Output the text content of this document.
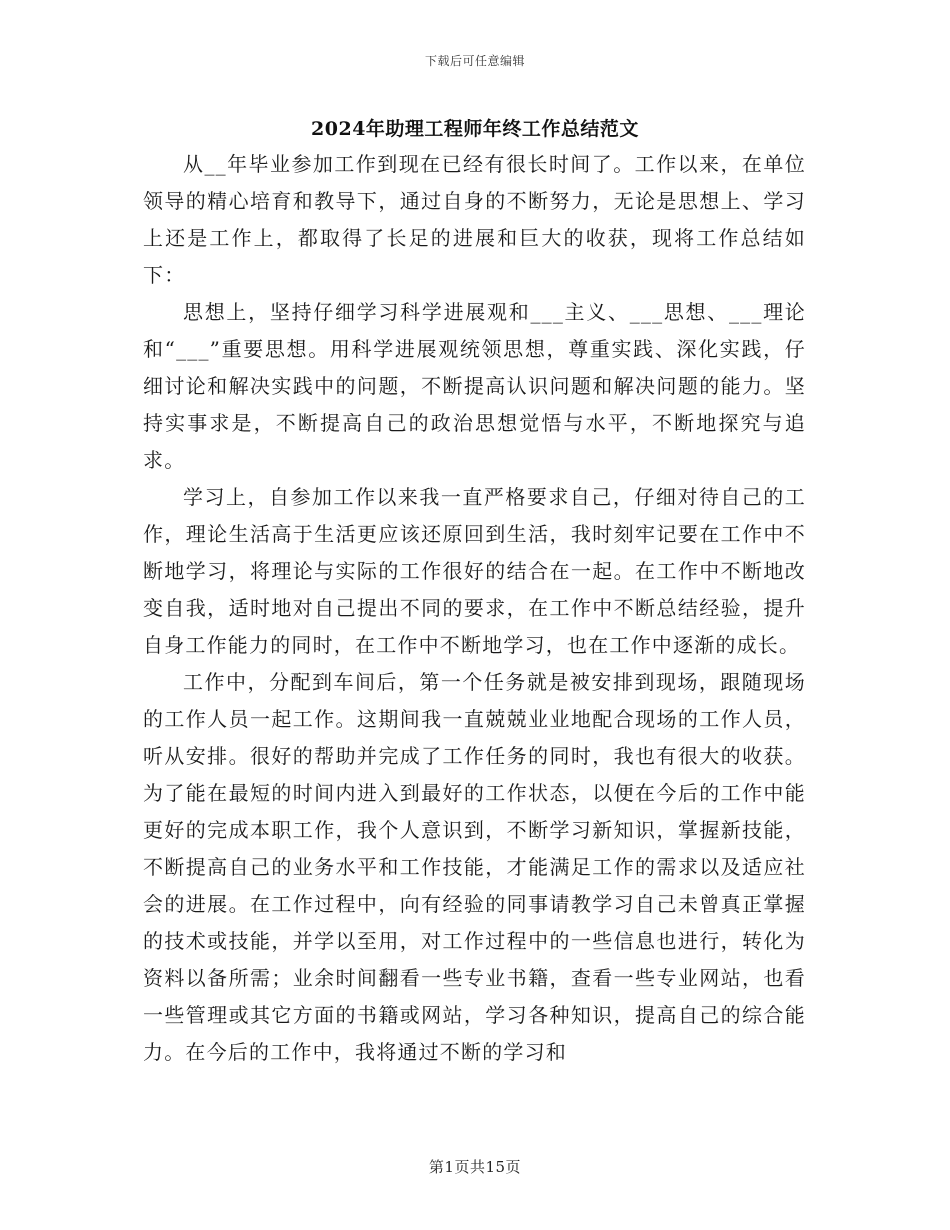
下载后可任意编辑
2024年助理工程师年终工作总结范文

从__年毕业参加工作到现在已经有很长时间了。工作以来，在单位领导的精心培育和教导下，通过自身的不断努力，无论是思想上、学习上还是工作上，都取得了长足的进展和巨大的收获，现将工作总结如下：

思想上，坚持仔细学习科学进展观和___主义、___思想、___理论和“___”重要思想。用科学进展观统领思想，尊重实践、深化实践，仔细讨论和解决实践中的问题，不断提高认识问题和解决问题的能力。坚持实事求是，不断提高自己的政治思想觉悟与水平，不断地探究与追求。

学习上，自参加工作以来我一直严格要求自己，仔细对待自己的工作，理论生活高于生活更应该还原回到生活，我时刻牢记要在工作中不断地学习，将理论与实际的工作很好的结合在一起。在工作中不断地改变自我，适时地对自己提出不同的要求，在工作中不断总结经验，提升自身工作能力的同时，在工作中不断地学习，也在工作中逐渐的成长。

工作中，分配到车间后，第一个任务就是被安排到现场，跟随现场的工作人员一起工作。这期间我一直兢兢业业地配合现场的工作人员，听从安排。很好的帮助并完成了工作任务的同时，我也有很大的收获。为了能在最短的时间内进入到最好的工作状态，以便在今后的工作中能更好的完成本职工作，我个人意识到，不断学习新知识，掌握新技能，不断提高自己的业务水平和工作技能，才能满足工作的需求以及适应社会的进展。在工作过程中，向有经验的同事请教学习自己未曾真正掌握的技术或技能，并学以至用，对工作过程中的一些信息也进行，转化为资料以备所需；业余时间翻看一些专业书籍，查看一些专业网站，也看一些管理或其它方面的书籍或网站，学习各种知识，提高自己的综合能力。在今后的工作中，我将通过不断的学习和

第1页共15页
